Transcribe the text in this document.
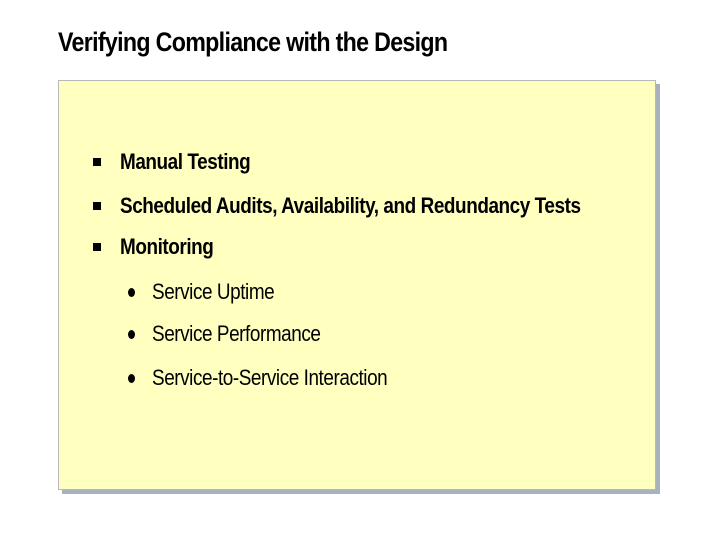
Verifying Compliance with the Design
Manual Testing
Scheduled Audits, Availability, and Redundancy Tests
Monitoring
Service Uptime
Service Performance
Service-to-Service Interaction
